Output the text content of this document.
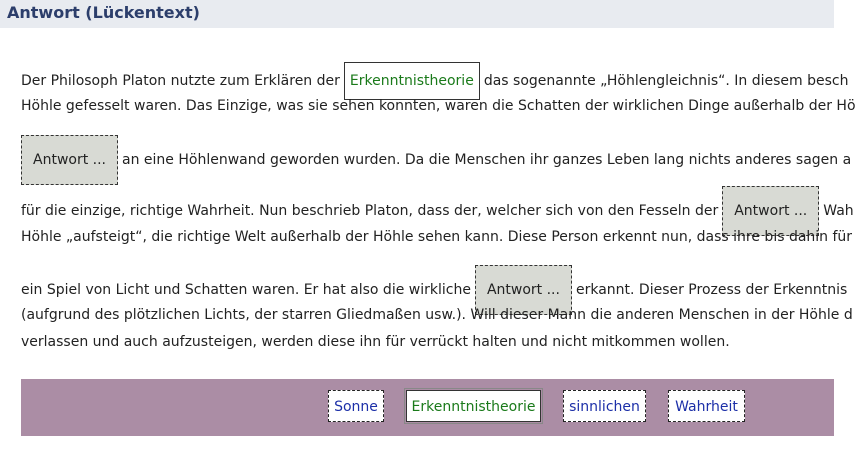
Antwort (Lückentext)
Der Philosoph Platon nutzte zum Erklären der Erkenntnistheorie das sogenannte „Höhlengleichnis“. In diesem besch
Höhle gefesselt waren. Das Einzige, was sie sehen konnten, waren die Schatten der wirklichen Dinge außerhalb der Hö
Antwort ... an eine Höhlenwand geworden wurden. Da die Menschen ihr ganzes Leben lang nichts anderes sagen a
für die einzige, richtige Wahrheit. Nun beschrieb Platon, dass der, welcher sich von den Fesseln der Antwort ... Wah
Höhle „aufsteigt“, die richtige Welt außerhalb der Höhle sehen kann. Diese Person erkennt nun, dass ihre bis dahin für
ein Spiel von Licht und Schatten waren. Er hat also die wirkliche Antwort ... erkannt. Dieser Prozess der Erkenntnis
(aufgrund des plötzlichen Lichts, der starren Gliedmaßen usw.). Will dieser Mann die anderen Menschen in der Höhle d
verlassen und auch aufzusteigen, werden diese ihn für verrückt halten und nicht mitkommen wollen.
Sonne	Erkenntnistheorie	sinnlichen	Wahrheit
